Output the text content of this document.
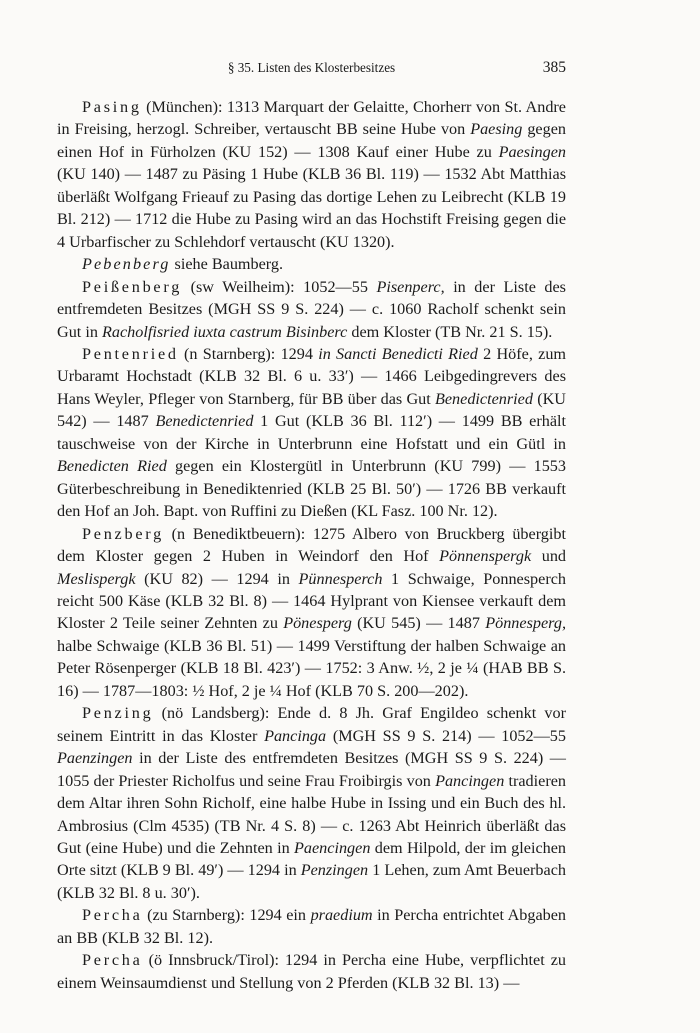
§ 35. Listen des Klosterbesitzes	385

Pasing (München): 1313 Marquart der Gelaitte, Chorherr von St. Andre in Freising, herzogl. Schreiber, vertauscht BB seine Hube von Paesing gegen einen Hof in Fürholzen (KU 152) — 1308 Kauf einer Hube zu Paesingen (KU 140) — 1487 zu Päsing 1 Hube (KLB 36 Bl. 119) — 1532 Abt Matthias überläßt Wolfgang Frieauf zu Pasing das dortige Lehen zu Leibrecht (KLB 19 Bl. 212) — 1712 die Hube zu Pasing wird an das Hochstift Freising gegen die 4 Urbarfischer zu Schlehdorf vertauscht (KU 1320).

Pebenberg siehe Baumberg.

Peißenberg (sw Weilheim): 1052—55 Pisenperc, in der Liste des entfremdeten Besitzes (MGH SS 9 S. 224) — c. 1060 Racholf schenkt sein Gut in Racholfisried iuxta castrum Bisinberc dem Kloster (TB Nr. 21 S. 15).

Pentenried (n Starnberg): 1294 in Sancti Benedicti Ried 2 Höfe, zum Urbaramt Hochstadt (KLB 32 Bl. 6 u. 33′) — 1466 Leibgedingrevers des Hans Weyler, Pfleger von Starnberg, für BB über das Gut Benedictenried (KU 542) — 1487 Benedictenried 1 Gut (KLB 36 Bl. 112′) — 1499 BB erhält tauschweise von der Kirche in Unterbrunn eine Hofstatt und ein Gütl in Benedicten Ried gegen ein Klostergütl in Unterbrunn (KU 799) — 1553 Güterbeschreibung in Benediktenried (KLB 25 Bl. 50′) — 1726 BB verkauft den Hof an Joh. Bapt. von Ruffini zu Dießen (KL Fasz. 100 Nr. 12).

Penzberg (n Benediktbeuern): 1275 Albero von Bruckberg übergibt dem Kloster gegen 2 Huben in Weindorf den Hof Pönnenspergk und Meslispergk (KU 82) — 1294 in Pünnesperch 1 Schwaige, Ponnesperch reicht 500 Käse (KLB 32 Bl. 8) — 1464 Hylprant von Kiensee verkauft dem Kloster 2 Teile seiner Zehnten zu Pönesperg (KU 545) — 1487 Pönnesperg, halbe Schwaige (KLB 36 Bl. 51) — 1499 Verstiftung der halben Schwaige an Peter Rösenperger (KLB 18 Bl. 423′) — 1752: 3 Anw. ½, 2 je ¼ (HAB BB S. 16) — 1787—1803: ½ Hof, 2 je ¼ Hof (KLB 70 S. 200—202).

Penzing (nö Landsberg): Ende d. 8 Jh. Graf Engildeo schenkt vor seinem Eintritt in das Kloster Pancinga (MGH SS 9 S. 214) — 1052—55 Paenzingen in der Liste des entfremdeten Besitzes (MGH SS 9 S. 224) — 1055 der Priester Richolfus und seine Frau Froibirgis von Pancingen tradieren dem Altar ihren Sohn Richolf, eine halbe Hube in Issing und ein Buch des hl. Ambrosius (Clm 4535) (TB Nr. 4 S. 8) — c. 1263 Abt Heinrich überläßt das Gut (eine Hube) und die Zehnten in Paencingen dem Hilpold, der im gleichen Orte sitzt (KLB 9 Bl. 49′) — 1294 in Penzingen 1 Lehen, zum Amt Beuerbach (KLB 32 Bl. 8 u. 30′).

Percha (zu Starnberg): 1294 ein praedium in Percha entrichtet Abgaben an BB (KLB 32 Bl. 12).

Percha (ö Innsbruck/Tirol): 1294 in Percha eine Hube, verpflichtet zu einem Weinsaumdienst und Stellung von 2 Pferden (KLB 32 Bl. 13) —
